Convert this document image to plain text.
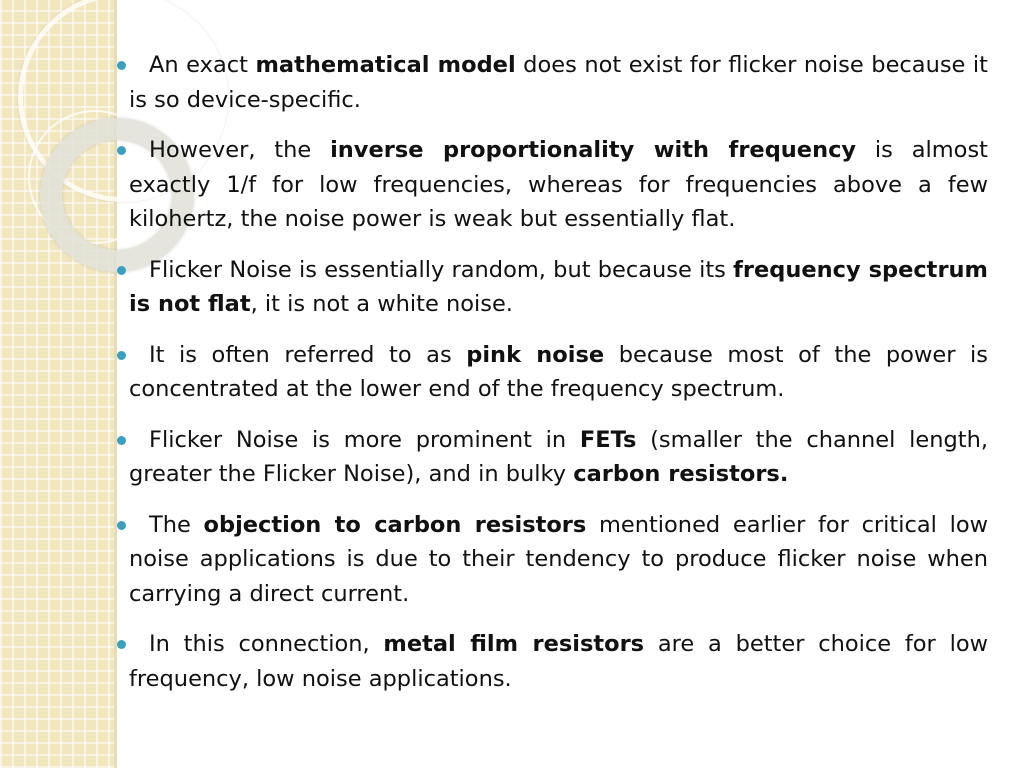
An exact mathematical model does not exist for flicker noise because it is so device-specific.
However, the inverse proportionality with frequency is almost exactly 1/f for low frequencies, whereas for frequencies above a few kilohertz, the noise power is weak but essentially flat.
Flicker Noise is essentially random, but because its frequency spectrum is not flat, it is not a white noise.
It is often referred to as pink noise because most of the power is concentrated at the lower end of the frequency spectrum.
Flicker Noise is more prominent in FETs (smaller the channel length, greater the Flicker Noise), and in bulky carbon resistors.
The objection to carbon resistors mentioned earlier for critical low noise applications is due to their tendency to produce flicker noise when carrying a direct current.
In this connection, metal film resistors are a better choice for low frequency, low noise applications.
